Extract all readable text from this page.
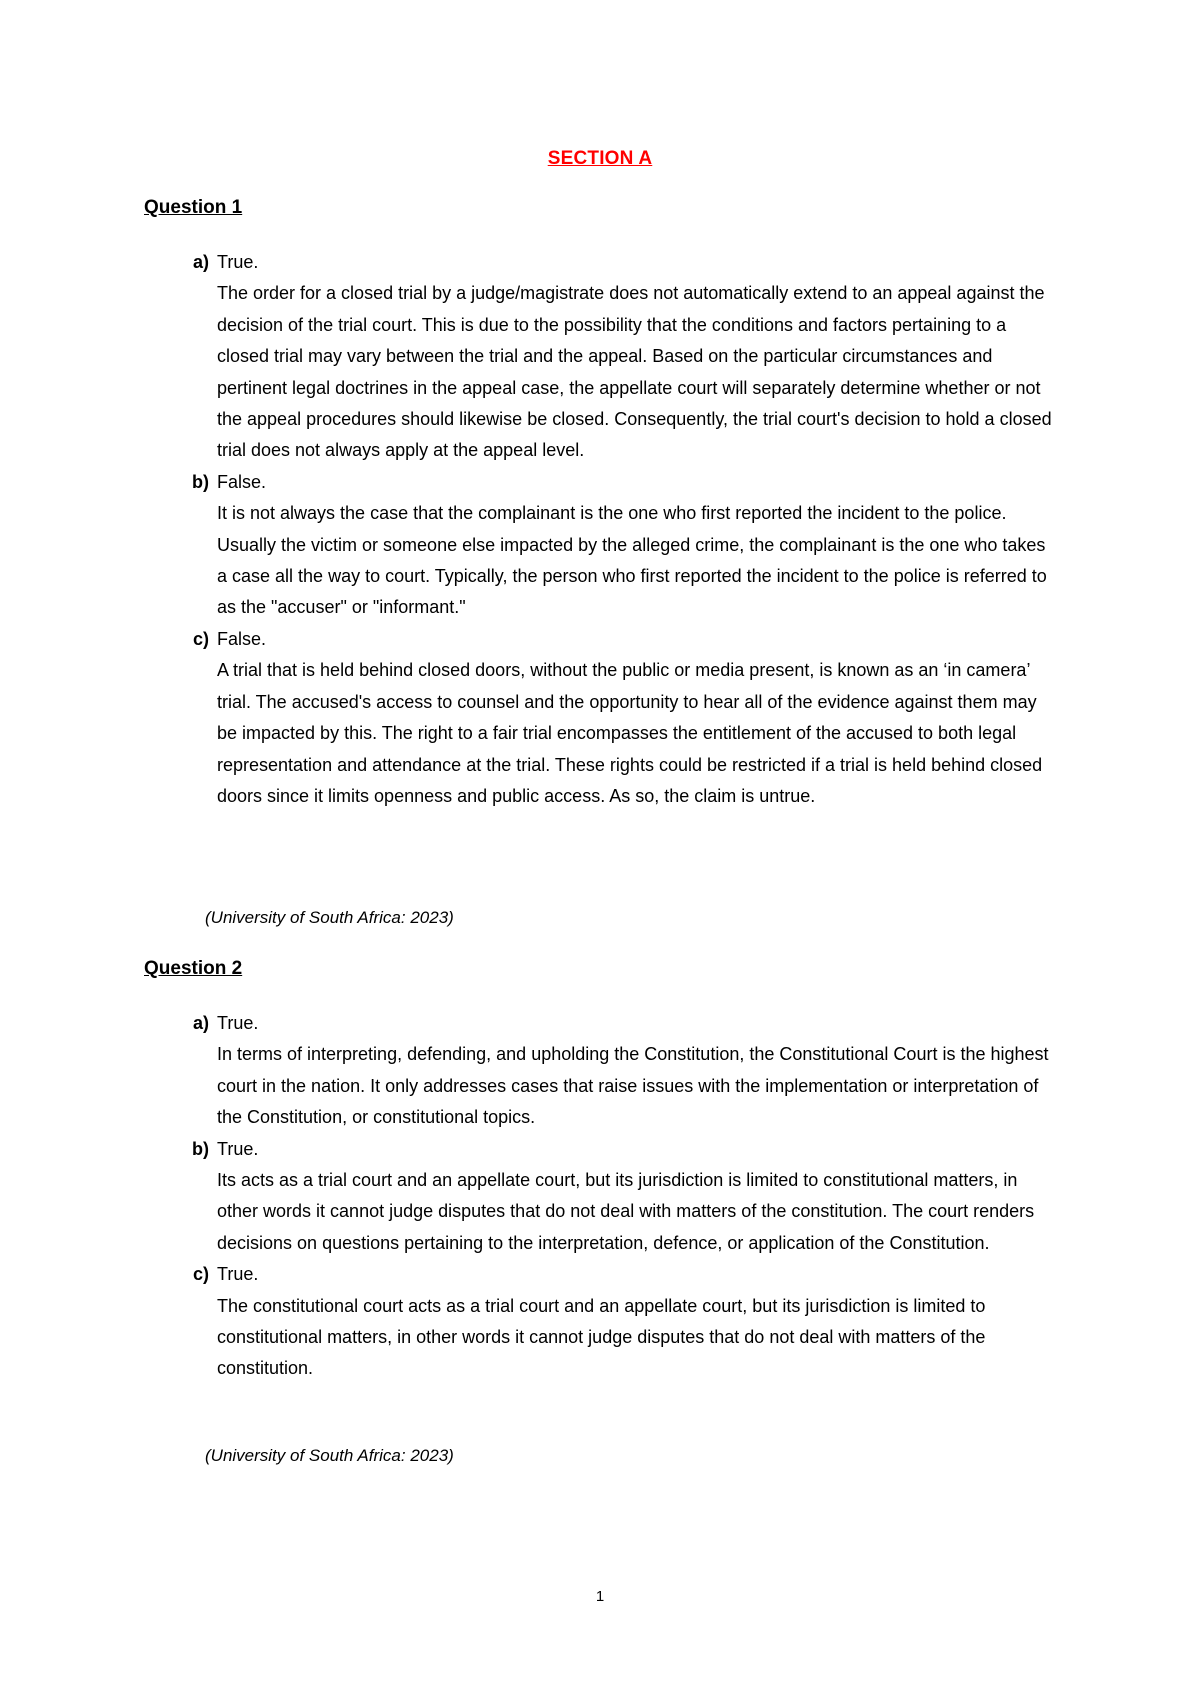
SECTION A
Question 1
a) True.
The order for a closed trial by a judge/magistrate does not automatically extend to an appeal against the decision of the trial court. This is due to the possibility that the conditions and factors pertaining to a closed trial may vary between the trial and the appeal. Based on the particular circumstances and pertinent legal doctrines in the appeal case, the appellate court will separately determine whether or not the appeal procedures should likewise be closed. Consequently, the trial court's decision to hold a closed trial does not always apply at the appeal level.
b) False.
It is not always the case that the complainant is the one who first reported the incident to the police. Usually the victim or someone else impacted by the alleged crime, the complainant is the one who takes a case all the way to court. Typically, the person who first reported the incident to the police is referred to as the "accuser" or "informant."
c) False.
A trial that is held behind closed doors, without the public or media present, is known as an ‘in camera’ trial. The accused's access to counsel and the opportunity to hear all of the evidence against them may be impacted by this. The right to a fair trial encompasses the entitlement of the accused to both legal representation and attendance at the trial. These rights could be restricted if a trial is held behind closed doors since it limits openness and public access. As so, the claim is untrue.
(University of South Africa: 2023)
Question 2
a) True.
In terms of interpreting, defending, and upholding the Constitution, the Constitutional Court is the highest court in the nation. It only addresses cases that raise issues with the implementation or interpretation of the Constitution, or constitutional topics.
b) True.
Its acts as a trial court and an appellate court, but its jurisdiction is limited to constitutional matters, in other words it cannot judge disputes that do not deal with matters of the constitution. The court renders decisions on questions pertaining to the interpretation, defence, or application of the Constitution.
c) True.
The constitutional court acts as a trial court and an appellate court, but its jurisdiction is limited to constitutional matters, in other words it cannot judge disputes that do not deal with matters of the constitution.
(University of South Africa: 2023)
1
